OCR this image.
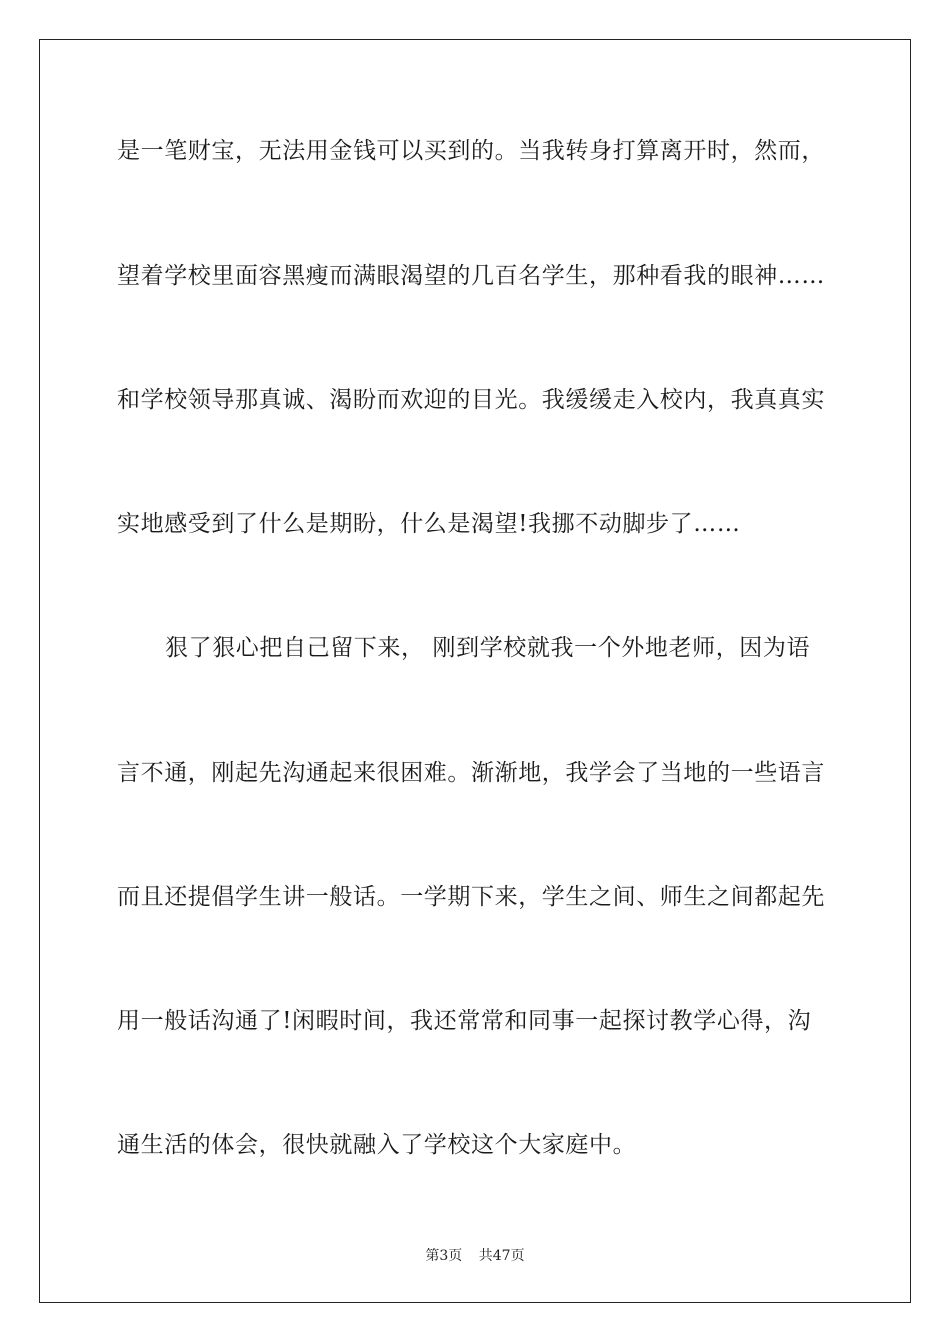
是一笔财宝，无法用金钱可以买到的。当我转身打算离开时，然而，
望着学校里面容黑瘦而满眼渴望的几百名学生，那种看我的眼神……
和学校领导那真诚、渴盼而欢迎的目光。我缓缓走入校内，我真真实
实地感受到了什么是期盼，什么是渴望!我挪不动脚步了……
狠了狠心把自己留下来， 刚到学校就我一个外地老师，因为语
言不通，刚起先沟通起来很困难。渐渐地，我学会了当地的一些语言
而且还提倡学生讲一般话。一学期下来，学生之间、师生之间都起先
用一般话沟通了!闲暇时间，我还常常和同事一起探讨教学心得，沟
通生活的体会，很快就融入了学校这个大家庭中。
第3页 共47页
